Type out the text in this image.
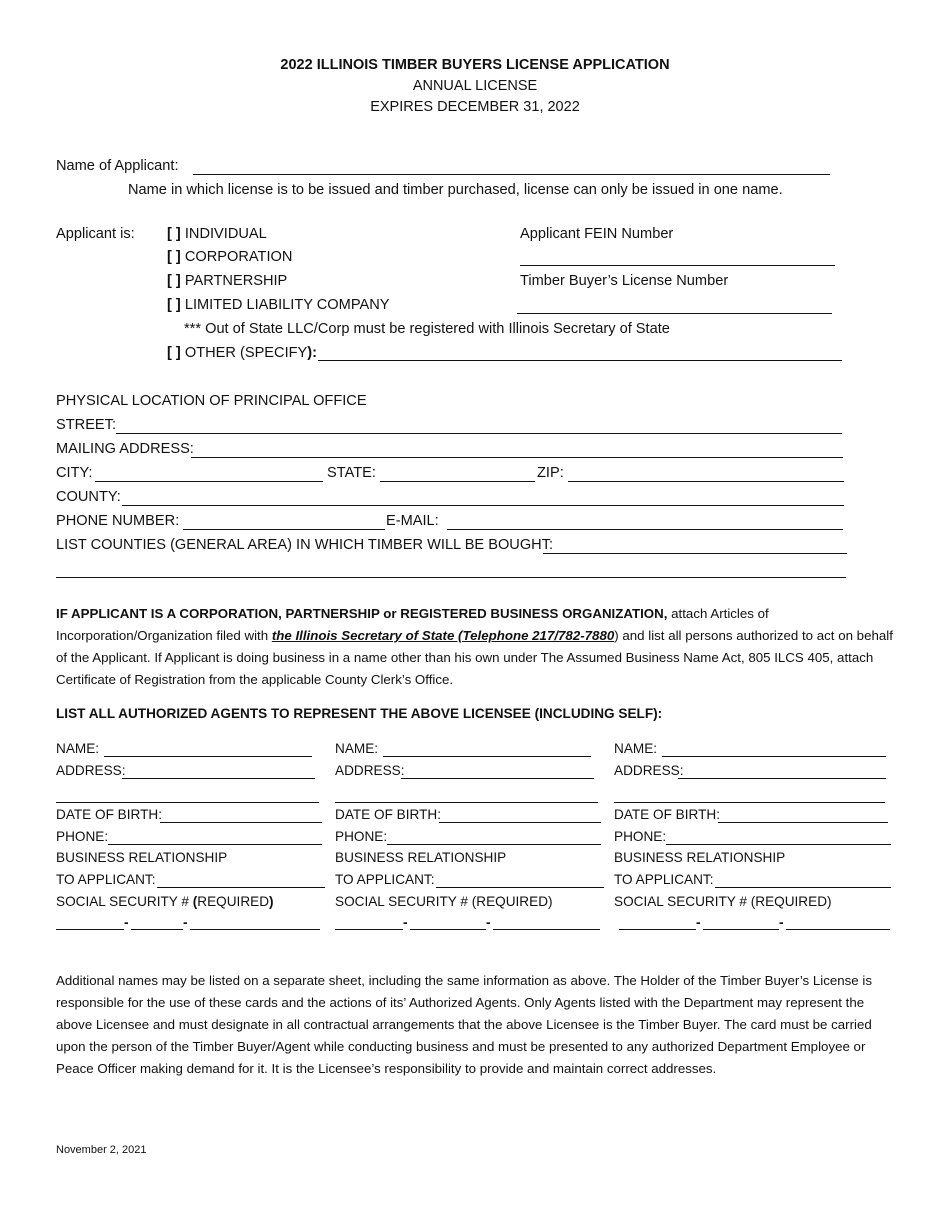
2022 ILLINOIS TIMBER BUYERS LICENSE APPLICATION
ANNUAL LICENSE
EXPIRES DECEMBER 31, 2022
Name of Applicant:
Name in which license is to be issued and timber purchased, license can only be issued in one name.
Applicant is: [ ] INDIVIDUAL
[ ] CORPORATION
[ ] PARTNERSHIP
[ ] LIMITED LIABILITY COMPANY
*** Out of State LLC/Corp must be registered with Illinois Secretary of State
[ ] OTHER (SPECIFY):
Applicant FEIN Number
Timber Buyer’s License Number
PHYSICAL LOCATION OF PRINCIPAL OFFICE
STREET:
MAILING ADDRESS:
CITY:	STATE:	ZIP:
COUNTY:
PHONE NUMBER:	E-MAIL:
LIST COUNTIES (GENERAL AREA) IN WHICH TIMBER WILL BE BOUGHT:
IF APPLICANT IS A CORPORATION, PARTNERSHIP or REGISTERED BUSINESS ORGANIZATION, attach Articles of Incorporation/Organization filed with the Illinois Secretary of State (Telephone 217/782-7880) and list all persons authorized to act on behalf of the Applicant. If Applicant is doing business in a name other than his own under The Assumed Business Name Act, 805 ILCS 405, attach Certificate of Registration from the applicable County Clerk’s Office.
LIST ALL AUTHORIZED AGENTS TO REPRESENT THE ABOVE LICENSEE (INCLUDING SELF):
NAME:
ADDRESS:
DATE OF BIRTH:
PHONE:
BUSINESS RELATIONSHIP
TO APPLICANT:
SOCIAL SECURITY # (REQUIRED)
-	-
NAME:
ADDRESS:
DATE OF BIRTH:
PHONE:
BUSINESS RELATIONSHIP
TO APPLICANT:
SOCIAL SECURITY # (REQUIRED)
-	-
NAME:
ADDRESS:
DATE OF BIRTH:
PHONE:
BUSINESS RELATIONSHIP
TO APPLICANT:
SOCIAL SECURITY # (REQUIRED)
-	-
Additional names may be listed on a separate sheet, including the same information as above. The Holder of the Timber Buyer’s License is responsible for the use of these cards and the actions of its’ Authorized Agents. Only Agents listed with the Department may represent the above Licensee and must designate in all contractual arrangements that the above Licensee is the Timber Buyer. The card must be carried upon the person of the Timber Buyer/Agent while conducting business and must be presented to any authorized Department Employee or Peace Officer making demand for it. It is the Licensee’s responsibility to provide and maintain correct addresses.
November 2, 2021
